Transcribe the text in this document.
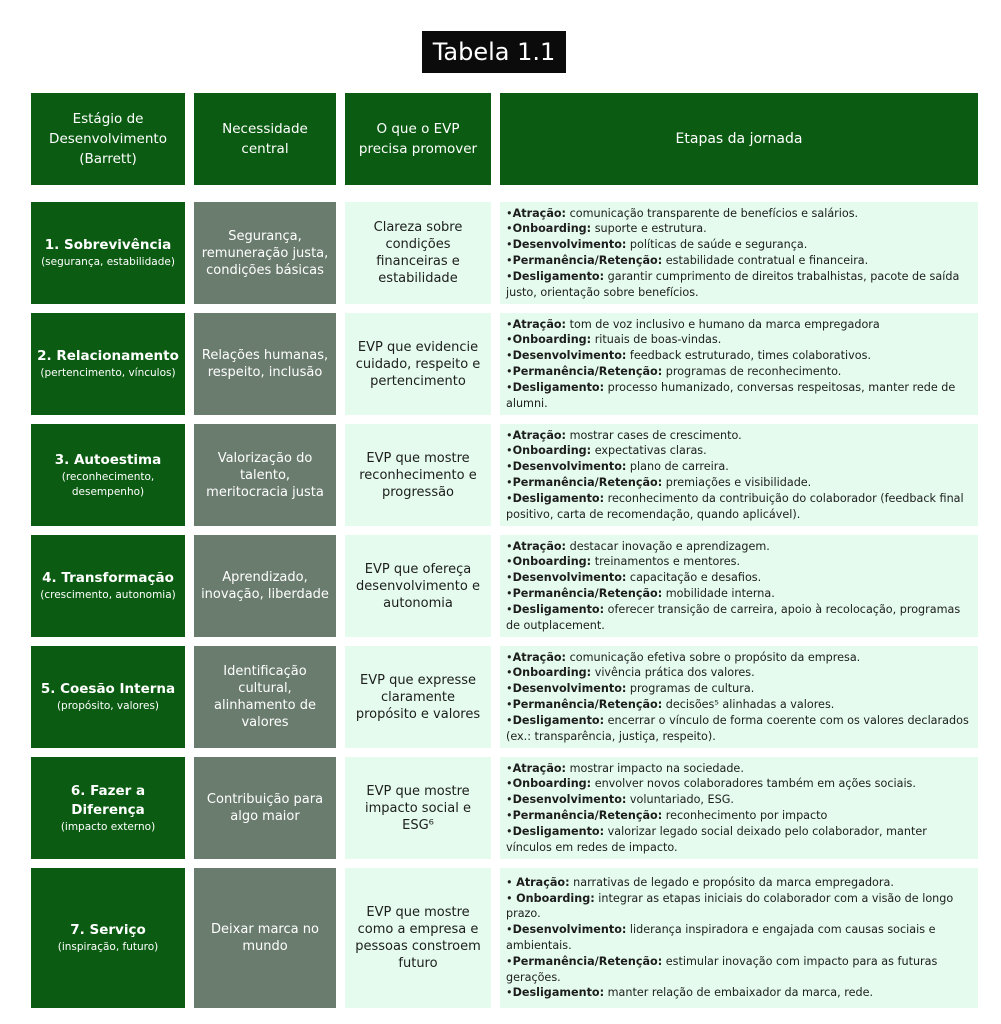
Tabela 1.1
Estágio de Desenvolvimento (Barrett)
Necessidade central
O que o EVP precisa promover
Etapas da jornada
1. Sobrevivência
(segurança, estabilidade)
Segurança, remuneração justa, condições básicas
Clareza sobre condições financeiras e estabilidade
•Atração: comunicação transparente de benefícios e salários.
•Onboarding: suporte e estrutura.
•Desenvolvimento: políticas de saúde e segurança.
•Permanência/Retenção: estabilidade contratual e financeira.
•Desligamento: garantir cumprimento de direitos trabalhistas, pacote de saída justo, orientação sobre benefícios.
2. Relacionamento
(pertencimento, vínculos)
Relações humanas, respeito, inclusão
EVP que evidencie cuidado, respeito e pertencimento
•Atração: tom de voz inclusivo e humano da marca empregadora
•Onboarding: rituais de boas-vindas.
•Desenvolvimento: feedback estruturado, times colaborativos.
•Permanência/Retenção: programas de reconhecimento.
•Desligamento: processo humanizado, conversas respeitosas, manter rede de alumni.
3. Autoestima
(reconhecimento, desempenho)
Valorização do talento, meritocracia justa
EVP que mostre reconhecimento e progressão
•Atração: mostrar cases de crescimento.
•Onboarding: expectativas claras.
•Desenvolvimento: plano de carreira.
•Permanência/Retenção: premiações e visibilidade.
•Desligamento: reconhecimento da contribuição do colaborador (feedback final positivo, carta de recomendação, quando aplicável).
4. Transformação
(crescimento, autonomia)
Aprendizado, inovação, liberdade
EVP que ofereça desenvolvimento e autonomia
•Atração: destacar inovação e aprendizagem.
•Onboarding: treinamentos e mentores.
•Desenvolvimento: capacitação e desafios.
•Permanência/Retenção: mobilidade interna.
•Desligamento: oferecer transição de carreira, apoio à recolocação, programas de outplacement.
5. Coesão Interna
(propósito, valores)
Identificação cultural, alinhamento de valores
EVP que expresse claramente propósito e valores
•Atração: comunicação efetiva sobre o propósito da empresa.
•Onboarding: vivência prática dos valores.
•Desenvolvimento: programas de cultura.
•Permanência/Retenção: decisões⁵ alinhadas a valores.
•Desligamento: encerrar o vínculo de forma coerente com os valores declarados (ex.: transparência, justiça, respeito).
6. Fazer a Diferença
(impacto externo)
Contribuição para algo maior
EVP que mostre impacto social e ESG⁶
•Atração: mostrar impacto na sociedade.
•Onboarding: envolver novos colaboradores também em ações sociais.
•Desenvolvimento: voluntariado, ESG.
•Permanência/Retenção: reconhecimento por impacto
•Desligamento: valorizar legado social deixado pelo colaborador, manter vínculos em redes de impacto.
7. Serviço
(inspiração, futuro)
Deixar marca no mundo
EVP que mostre como a empresa e pessoas constroem futuro
• Atração: narrativas de legado e propósito da marca empregadora.
• Onboarding: integrar as etapas iniciais do colaborador com a visão de longo prazo.
•Desenvolvimento: liderança inspiradora e engajada com causas sociais e ambientais.
•Permanência/Retenção: estimular inovação com impacto para as futuras gerações.
•Desligamento: manter relação de embaixador da marca, rede.
